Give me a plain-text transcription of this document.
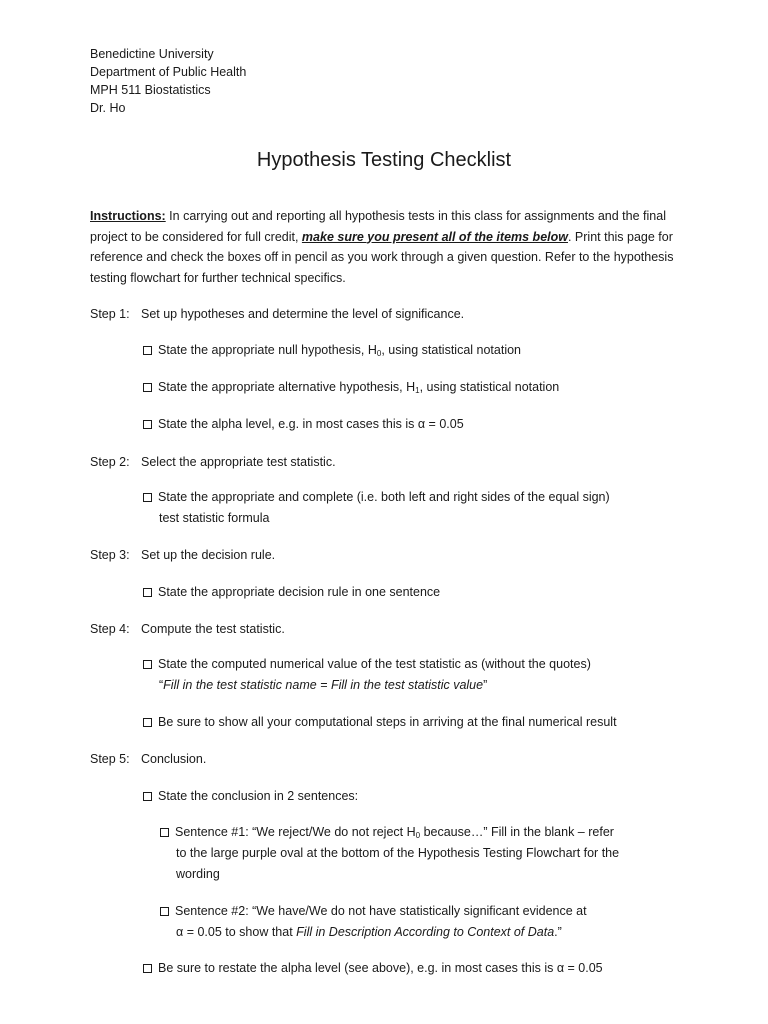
Benedictine University

Department of Public Health

MPH 511 Biostatistics

Dr. Ho

Hypothesis Testing Checklist

Instructions: In carrying out and reporting all hypothesis tests in this class for assignments and the final project to be considered for full credit, make sure you present all of the items below. Print this page for reference and check the boxes off in pencil as you work through a given question. Refer to the hypothesis testing flowchart for further technical specifics.

Step 1: Set up hypotheses and determine the level of significance.

State the appropriate null hypothesis, $H_0$, using statistical notation

State the appropriate alternative hypothesis, $H_1$, using statistical notation

State the alpha level, e.g. in most cases this is α = 0.05

Step 2: Select the appropriate test statistic.

State the appropriate and complete (i.e. both left and right sides of the equal sign)
test statistic formula

Step 3: Set up the decision rule.

State the appropriate decision rule in one sentence

Step 4: Compute the test statistic.

State the computed numerical value of the test statistic as (without the quotes)
“Fill in the test statistic name = Fill in the test statistic value”

Be sure to show all your computational steps in arriving at the final numerical result

Step 5: Conclusion.

State the conclusion in 2 sentences:

Sentence #1: “We reject/We do not reject $H_0$ because…” Fill in the blank – refer
to the large purple oval at the bottom of the Hypothesis Testing Flowchart for the
wording

Sentence #2: “We have/We do not have statistically significant evidence at
α = 0.05 to show that Fill in Description According to Context of Data.”

Be sure to restate the alpha level (see above), e.g. in most cases this is α = 0.05
